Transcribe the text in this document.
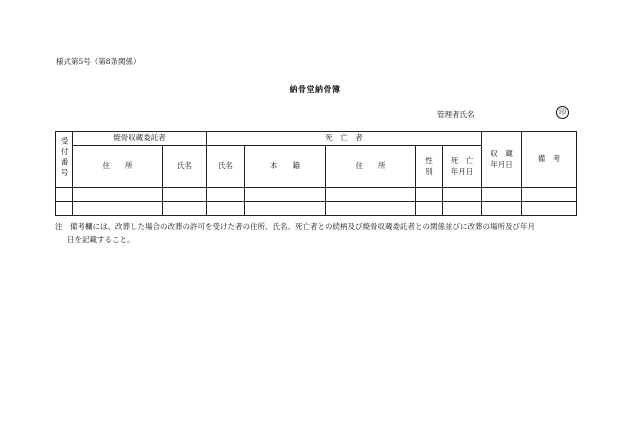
様式第5号（第8条関係）
納骨堂納骨簿
管理者氏名	印
受付番号	焼骨収蔵委託者		死　亡　者					収　蔵年月日	備　考
	住　　所	氏名	氏名	本　　籍	住　　所	性別	死　亡年月日		

注　備考欄には、改葬した場合の改葬の許可を受けた者の住所、氏名、死亡者との続柄及び焼骨収蔵委託者との関係並びに改葬の場所及び年月
日を記載すること。
